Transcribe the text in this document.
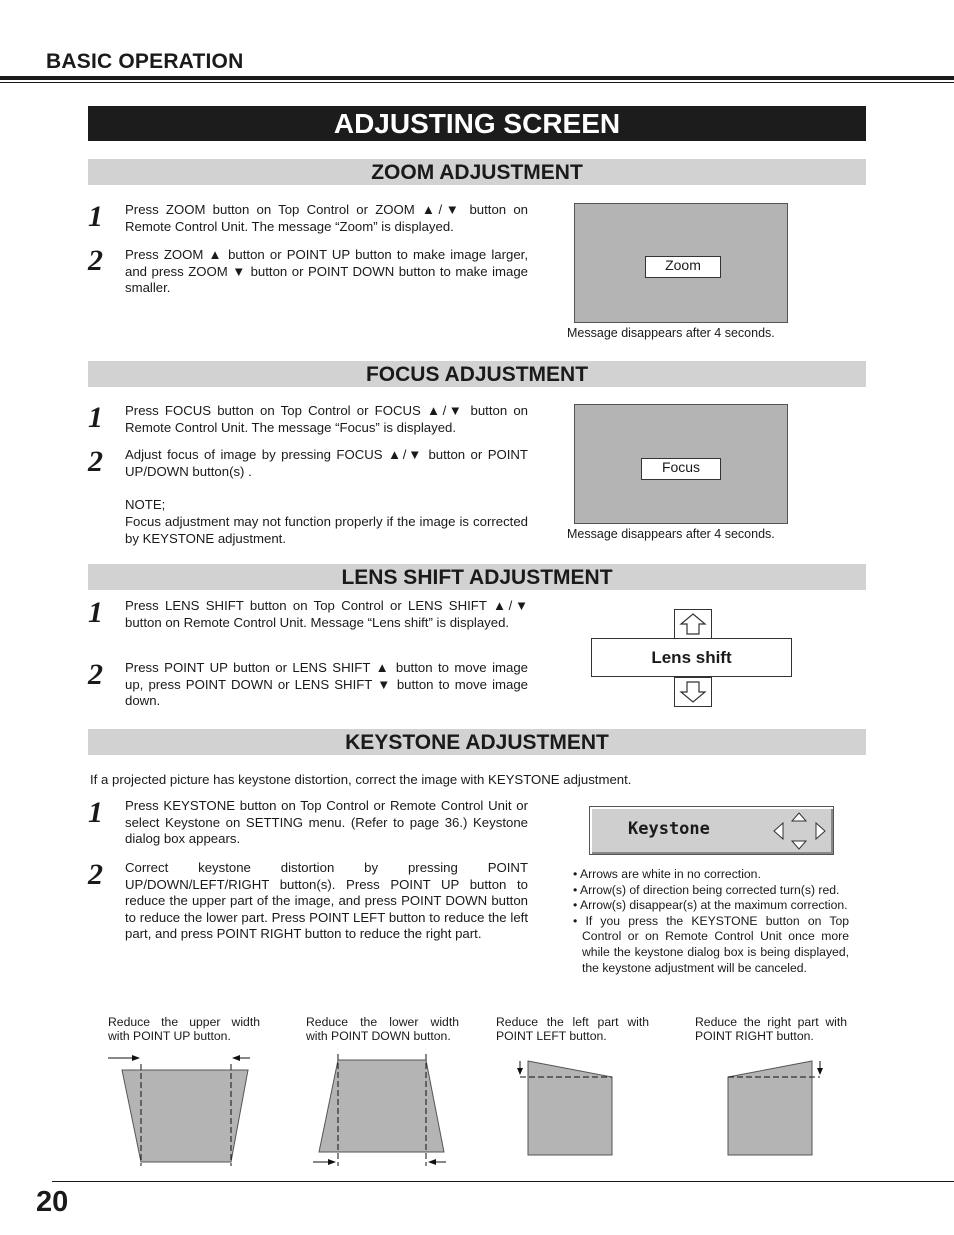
BASIC OPERATION
ADJUSTING SCREEN
ZOOM ADJUSTMENT
1 Press ZOOM button on Top Control or ZOOM ▲/▼ button on Remote Control Unit. The message “Zoom” is displayed.
2 Press ZOOM ▲ button or POINT UP button to make image larger, and press ZOOM ▼ button or POINT DOWN button to make image smaller.
Zoom
Message disappears after 4 seconds.
FOCUS ADJUSTMENT
1 Press FOCUS button on Top Control or FOCUS ▲/▼ button on Remote Control Unit. The message “Focus” is displayed.
2 Adjust focus of image by pressing FOCUS ▲/▼ button or POINT UP/DOWN button(s) .
NOTE;
Focus adjustment may not function properly if the image is corrected by KEYSTONE adjustment.
Focus
Message disappears after 4 seconds.
LENS SHIFT ADJUSTMENT
1 Press LENS SHIFT button on Top Control or LENS SHIFT ▲/▼ button on Remote Control Unit. Message “Lens shift” is displayed.
2 Press POINT UP button or LENS SHIFT ▲ button to move image up, press POINT DOWN or LENS SHIFT ▼ button to move image down.
Lens shift
KEYSTONE ADJUSTMENT
If a projected picture has keystone distortion, correct the image with KEYSTONE adjustment.
1 Press KEYSTONE button on Top Control or Remote Control Unit or select Keystone on SETTING menu. (Refer to page 36.) Keystone dialog box appears.
2 Correct keystone distortion by pressing POINT UP/DOWN/LEFT/RIGHT button(s). Press POINT UP button to reduce the upper part of the image, and press POINT DOWN button to reduce the lower part. Press POINT LEFT button to reduce the left part, and press POINT RIGHT button to reduce the right part.
Keystone
• Arrows are white in no correction.
• Arrow(s) of direction being corrected turn(s) red.
• Arrow(s) disappear(s) at the maximum correction.
• If you press the KEYSTONE button on Top Control or on Remote Control Unit once more while the keystone dialog box is being displayed, the keystone adjustment will be canceled.
Reduce the upper width
with POINT UP button.
Reduce the lower width
with POINT DOWN button.
Reduce the left part with
POINT LEFT button.
Reduce the right part with
POINT RIGHT button.
20
